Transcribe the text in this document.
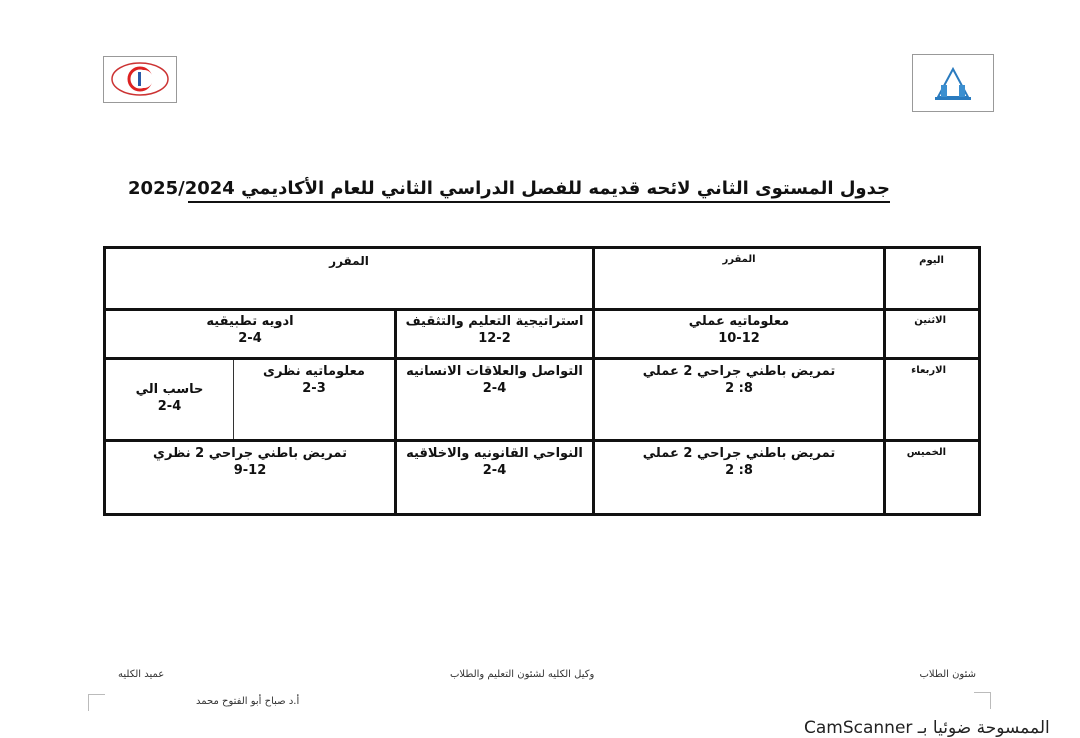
جدول المستوى الثاني لائحه قديمه للفصل الدراسي الثاني للعام الأكاديمي 2025/2024
اليوم
المقرر
المقرر
الاثنين
معلوماتيه عملي
10-12
استراتيجية التعليم والتثقيف
12-2
ادويه تطبيقيه
2-4
الاربعاء
تمريض باطني جراحي 2 عملي
8: 2
التواصل والعلاقات الانسانيه
2-4
معلوماتيه نظرى
2-3
حاسب الي
2-4
الخميس
تمريض باطني جراحي 2 عملي
8: 2
النواحي القانونيه والاخلاقيه
2-4
تمريض باطني جراحي 2 نظري
9-12
شئون الطلاب
وكيل الكليه لشئون التعليم والطلاب
عميد الكليه
أ.د صباح أبو الفتوح محمد
الممسوحة ضوئيا بـ CamScanner
